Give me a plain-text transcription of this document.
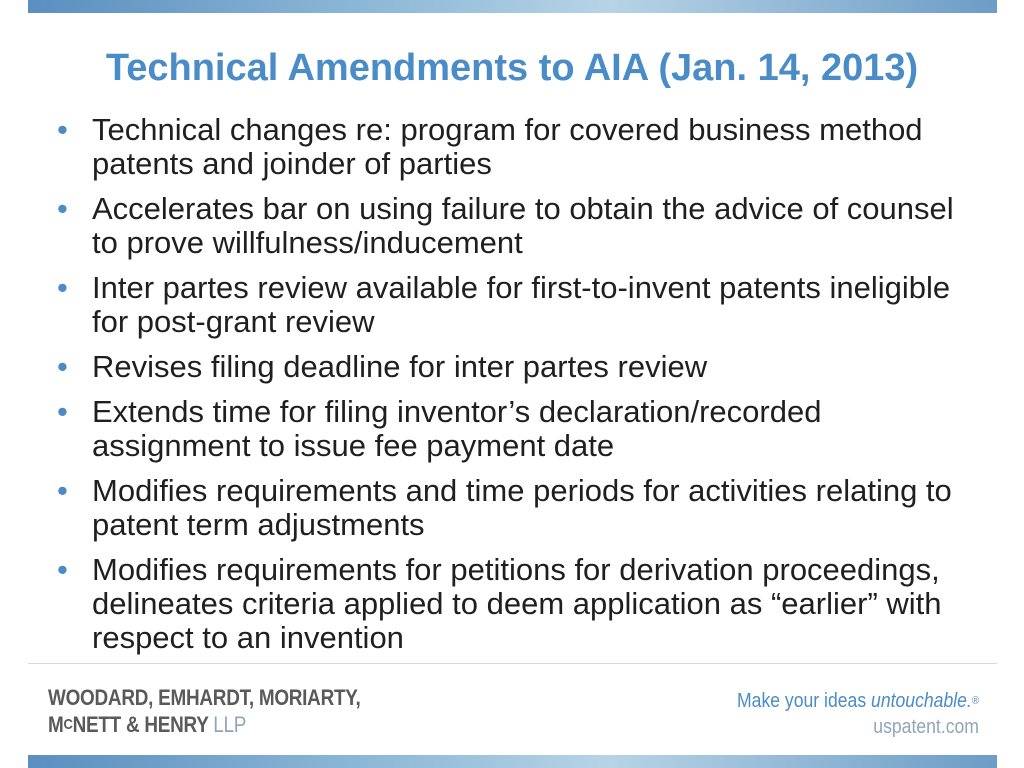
Technical Amendments to AIA (Jan. 14, 2013)
• Technical changes re: program for covered business method patents and joinder of parties
• Accelerates bar on using failure to obtain the advice of counsel to prove willfulness/inducement
• Inter partes review available for first-to-invent patents ineligible for post-grant review
• Revises filing deadline for inter partes review
• Extends time for filing inventor’s declaration/recorded assignment to issue fee payment date
• Modifies requirements and time periods for activities relating to patent term adjustments
• Modifies requirements for petitions for derivation proceedings, delineates criteria applied to deem application as “earlier” with respect to an invention
WOODARD, EMHARDT, MORIARTY,
$M^CNETT$ & HENRY LLP
Make your ideas untouchable.®
uspatent.com
